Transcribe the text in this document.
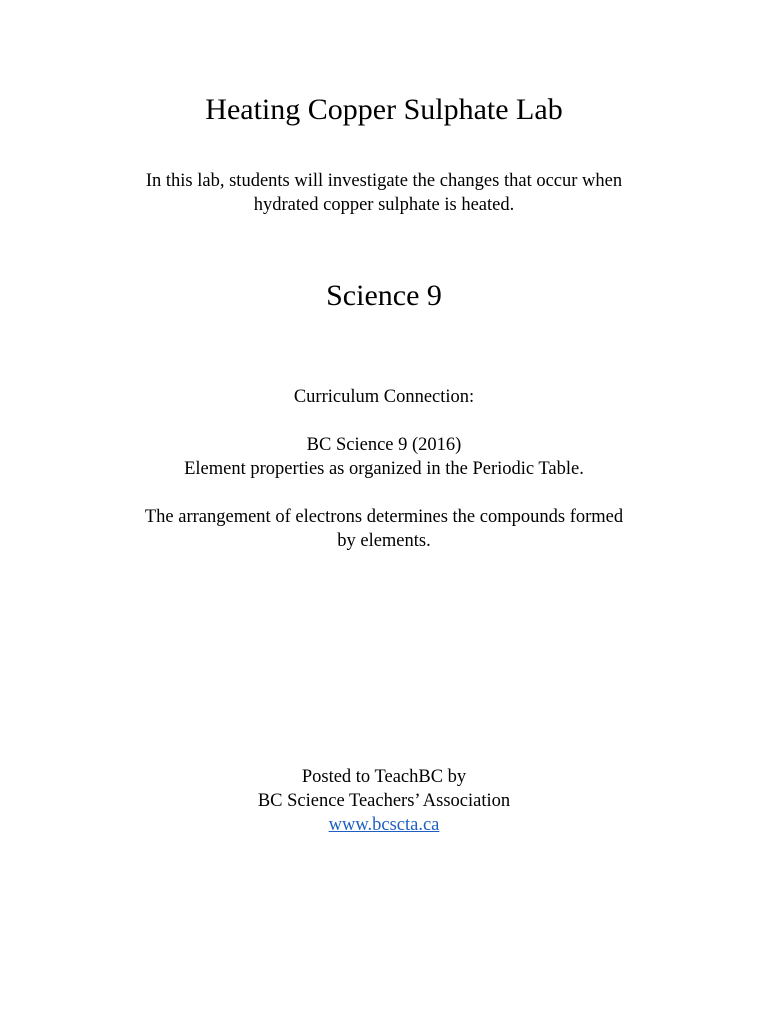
Heating Copper Sulphate Lab
In this lab, students will investigate the changes that occur when
hydrated copper sulphate is heated.
Science 9
Curriculum Connection:
BC Science 9 (2016)
Element properties as organized in the Periodic Table.
The arrangement of electrons determines the compounds formed
by elements.
Posted to TeachBC by
BC Science Teachers’ Association
www.bcscta.ca
